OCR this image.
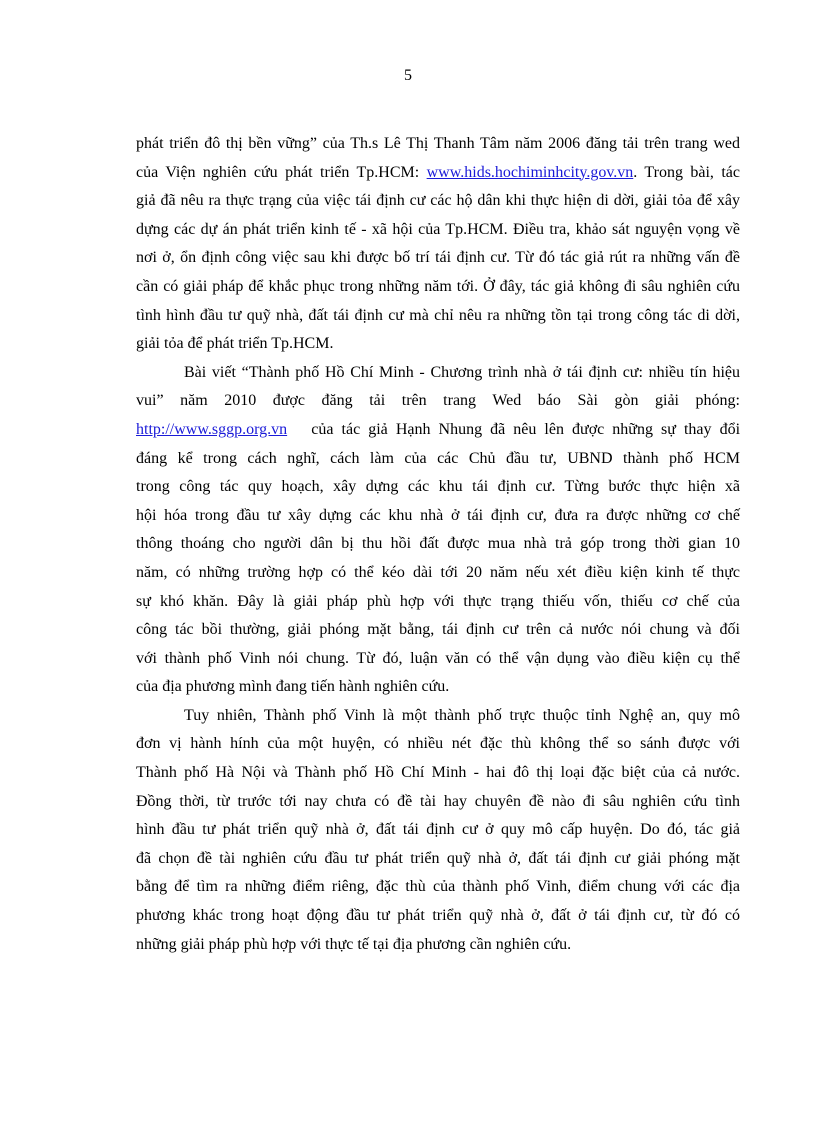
5
phát triển đô thị bền vững” của Th.s Lê Thị Thanh Tâm năm 2006 đăng tải trên trang wed
của Viện nghiên cứu phát triển Tp.HCM: www.hids.hochiminhcity.gov.vn. Trong bài, tác
giả đã nêu ra thực trạng của việc tái định cư các hộ dân khi thực hiện di dời, giải tỏa để xây
dựng các dự án phát triển kinh tế - xã hội của Tp.HCM. Điều tra, khảo sát nguyện vọng về
nơi ở, ổn định công việc sau khi được bố trí tái định cư. Từ đó tác giả rút ra những vấn đề
cần có giải pháp để khắc phục trong những năm tới. Ở đây, tác giả không đi sâu nghiên cứu
tình hình đầu tư quỹ nhà, đất tái định cư mà chỉ nêu ra những tồn tại trong công tác di dời,
giải tỏa để phát triển Tp.HCM.
Bài viết “Thành phố Hồ Chí Minh - Chương trình nhà ở tái định cư: nhiều tín hiệu
vui” năm 2010 được đăng tải trên trang Wed báo Sài gòn giải phóng:
http://www.sggp.org.vn của tác giả Hạnh Nhung đã nêu lên được những sự thay đổi
đáng kể trong cách nghĩ, cách làm của các Chủ đầu tư, UBND thành phố HCM
trong công tác quy hoạch, xây dựng các khu tái định cư. Từng bước thực hiện xã
hội hóa trong đầu tư xây dựng các khu nhà ở tái định cư, đưa ra được những cơ chế
thông thoáng cho người dân bị thu hồi đất được mua nhà trả góp trong thời gian 10
năm, có những trường hợp có thể kéo dài tới 20 năm nếu xét điều kiện kinh tế thực
sự khó khăn. Đây là giải pháp phù hợp với thực trạng thiếu vốn, thiếu cơ chế của
công tác bồi thường, giải phóng mặt bằng, tái định cư trên cả nước nói chung và đối
với thành phố Vinh nói chung. Từ đó, luận văn có thể vận dụng vào điều kiện cụ thể
của địa phương mình đang tiến hành nghiên cứu.
Tuy nhiên, Thành phố Vinh là một thành phố trực thuộc tỉnh Nghệ an, quy mô
đơn vị hành hính của một huyện, có nhiều nét đặc thù không thể so sánh được với
Thành phố Hà Nội và Thành phố Hồ Chí Minh - hai đô thị loại đặc biệt của cả nước.
Đồng thời, từ trước tới nay chưa có đề tài hay chuyên đề nào đi sâu nghiên cứu tình
hình đầu tư phát triển quỹ nhà ở, đất tái định cư ở quy mô cấp huyện. Do đó, tác giả
đã chọn đề tài nghiên cứu đầu tư phát triển quỹ nhà ở, đất tái định cư giải phóng mặt
bằng để tìm ra những điểm riêng, đặc thù của thành phố Vinh, điểm chung với các địa
phương khác trong hoạt động đầu tư phát triển quỹ nhà ở, đất ở tái định cư, từ đó có
những giải pháp phù hợp với thực tế tại địa phương cần nghiên cứu.
